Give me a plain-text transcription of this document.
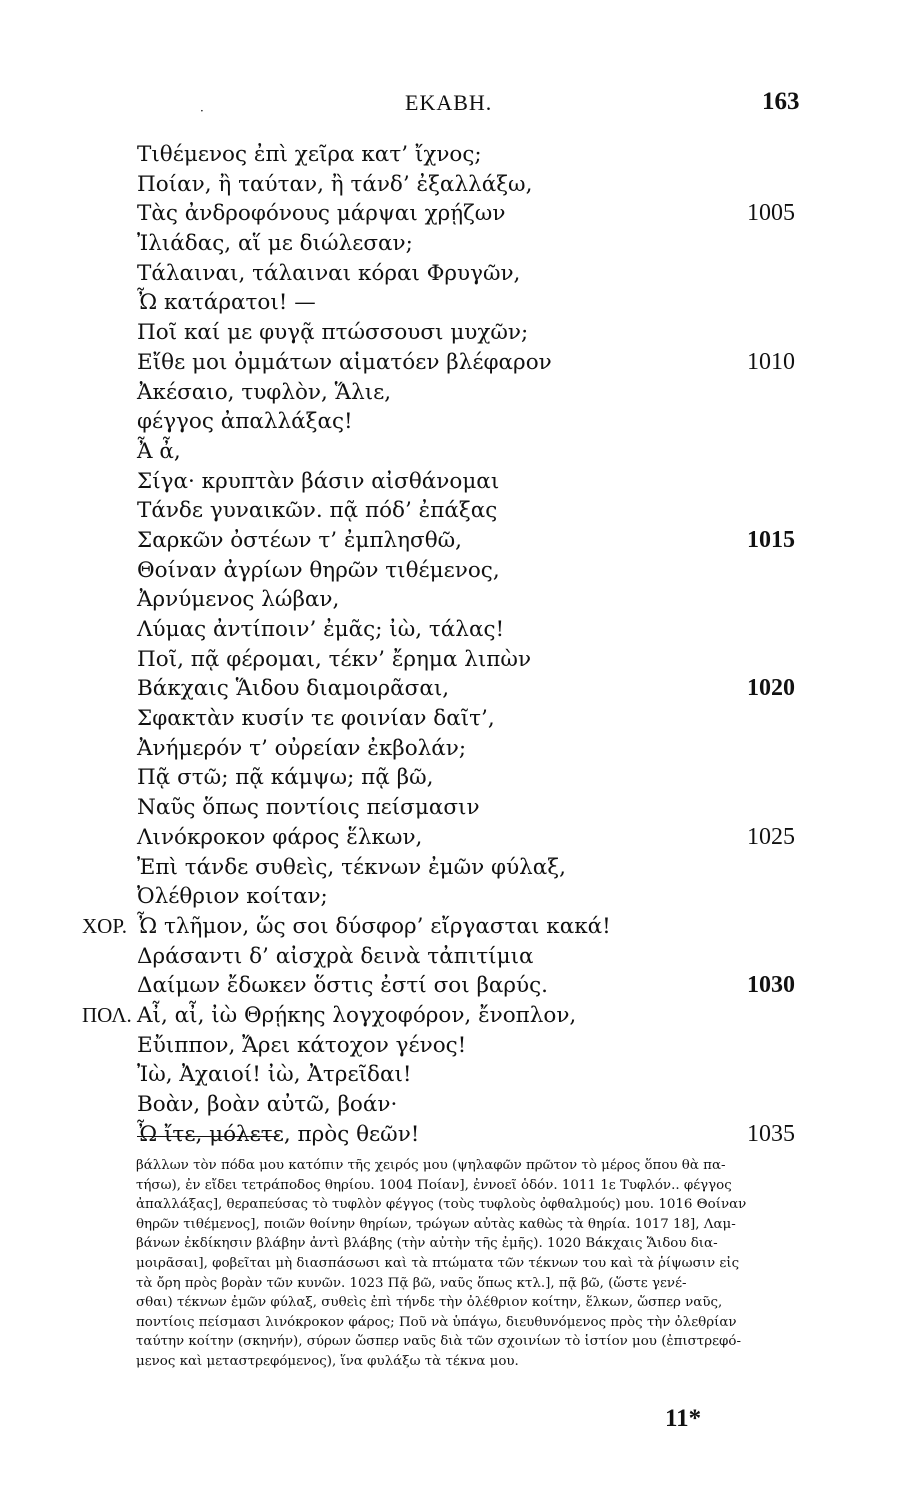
·	ΕΚΑΒΗ.	163
Τιθέμενος ἐπὶ χεῖρα κατ’ ἴχνος;
Ποίαν, ἢ ταύταν, ἢ τάνδ’ ἐξαλλάξω,
Τὰς ἀνδροφόνους μάρψαι χρῄζων	1005
Ἰλιάδας, αἵ με διώλεσαν;
Τάλαιναι, τάλαιναι κόραι Φρυγῶν,
Ὦ κατάρατοι! —
Ποῖ καί με φυγᾷ πτώσσουσι μυχῶν;
Εἴθε μοι ὀμμάτων αἱματόεν βλέφαρον	1010
Ἀκέσαιο, τυφλὸν, Ἅλιε,
φέγγος ἀπαλλάξας!
Ἆ ἆ,
Σίγα· κρυπτὰν βάσιν αἰσθάνομαι
Τάνδε γυναικῶν. πᾷ πόδ’ ἐπάξας
Σαρκῶν ὀστέων τ’ ἐμπλησθῶ,	1015
Θοίναν ἀγρίων θηρῶν τιθέμενος,
Ἀρνύμενος λώβαν,
Λύμας ἀντίποιν’ ἐμᾶς; ἰὼ, τάλας!
Ποῖ, πᾷ φέρομαι, τέκν’ ἔρημα λιπὼν
Βάκχαις Ἅιδου διαμοιρᾶσαι,	1020
Σφακτὰν κυσίν τε φοινίαν δαῖτ’,
Ἀνήμερόν τ’ οὐρείαν ἐκβολάν;
Πᾷ στῶ; πᾷ κάμψω; πᾷ βῶ,
Ναῦς ὅπως ποντίοις πείσμασιν
Λινόκροκον φάρος ἕλκων,	1025
Ἐπὶ τάνδε συθεὶς, τέκνων ἐμῶν φύλαξ,
Ὀλέθριον κοίταν;
ΧΟΡ. Ὦ τλῆμον, ὥς σοι δύσφορ’ εἴργασται κακά!
Δράσαντι δ’ αἰσχρὰ δεινὰ τἀπιτίμια
Δαίμων ἔδωκεν ὅστις ἐστί σοι βαρύς.	1030
ΠΟΛ. Αἶ, αἶ, ἰὼ Θρῄκης λογχοφόρον, ἔνοπλον,
Εὔιππον, Ἄρει κάτοχον γένος!
Ἰὼ, Ἀχαιοί! ἰὼ, Ἀτρεῖδαι!
Βοὰν, βοὰν αὐτῶ, βοάν·
Ὦ ἴτε, μόλετε, πρὸς θεῶν!	1035
βάλλων τὸν πόδα μου κατόπιν τῆς χειρός μου (ψηλαφῶν πρῶτον τὸ μέρος ὅπου θὰ πα-
τήσω), ἐν εἴδει τετράποδος θηρίου. 1004 Ποίαν], ἐννοεῖ ὁδόν. 1011 1ε Τυφλόν.. φέγγος
ἀπαλλάξας], θεραπεύσας τὸ τυφλὸν φέγγος (τοὺς τυφλοὺς ὀφθαλμούς) μου. 1016 Θοίναν
θηρῶν τιθέμενος], ποιῶν θοίνην θηρίων, τρώγων αὐτὰς καθὼς τὰ θηρία. 1017 18], Λαμ-
βάνων ἐκδίκησιν βλάβην ἀντὶ βλάβης (τὴν αὐτὴν τῆς ἐμῆς). 1020 Βάκχαις Ἅιδου δια-
μοιρᾶσαι], φοβεῖται μὴ διασπάσωσι καὶ τὰ πτώματα τῶν τέκνων του καὶ τὰ ῥίψωσιν εἰς
τὰ ὄρη πρὸς βορὰν τῶν κυνῶν. 1023 Πᾷ βῶ, ναῦς ὅπως κτλ.], πᾷ βῶ, (ὥστε γενέ-
σθαι) τέκνων ἐμῶν φύλαξ, συθεὶς ἐπὶ τήνδε τὴν ὀλέθριον κοίτην, ἕλκων, ὥσπερ ναῦς,
ποντίοις πείσμασι λινόκροκον φάρος; Ποῦ νὰ ὑπάγω, διευθυνόμενος πρὸς τὴν ὀλεθρίαν
ταύτην κοίτην (σκηνήν), σύρων ὥσπερ ναῦς διὰ τῶν σχοινίων τὸ ἱστίον μου (ἐπιστρεφό-
μενος καὶ μεταστρεφόμενος), ἵνα φυλάξω τὰ τέκνα μου.
11*
